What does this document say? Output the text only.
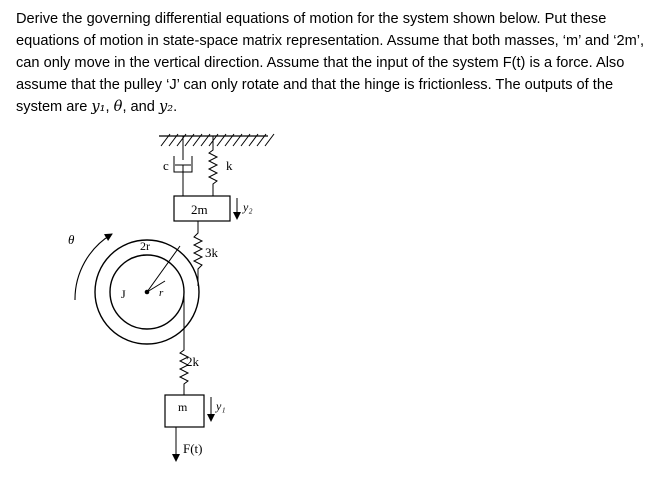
Derive the governing differential equations of motion for the system shown below. Put these equations of motion in state-space matrix representation. Assume that both masses, ‘m’ and ‘2m’, can only move in the vertical direction. Assume that the input of the system F(t) is a force. Also assume that the pulley ‘J’ can only rotate and that the hinge is frictionless. The outputs of the system are y₁, θ, and y₂.

c	k
2m	y₂
3k
θ	2r
J	r
2k
m y₁
F(t)
